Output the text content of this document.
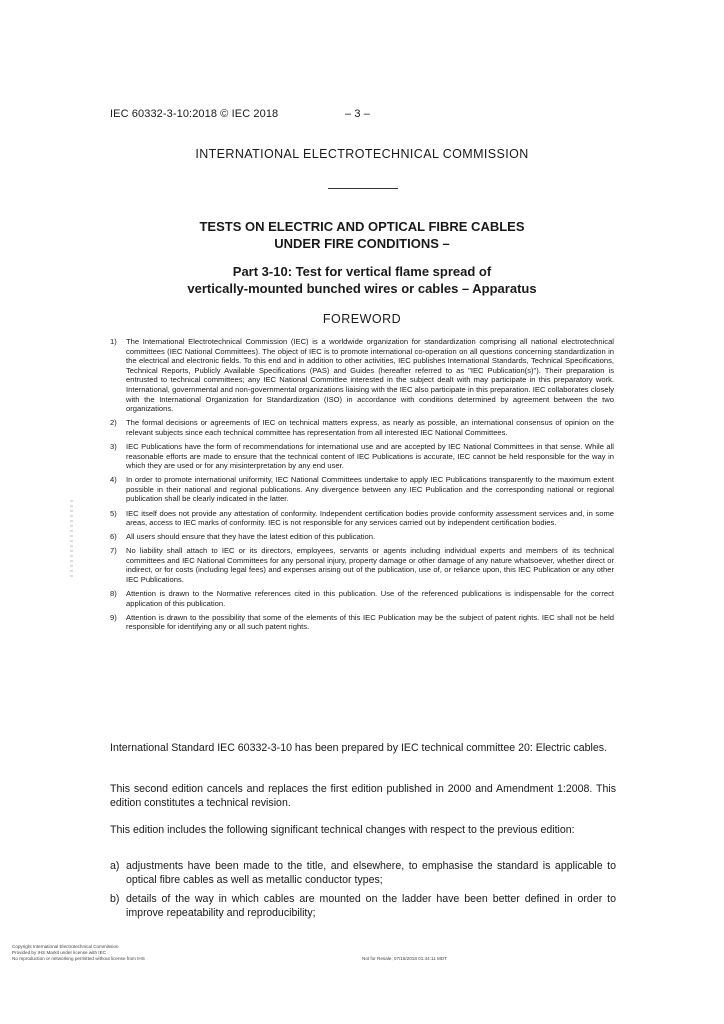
IEC 60332-3-10:2018 © IEC 2018	– 3 –
INTERNATIONAL ELECTROTECHNICAL COMMISSION
TESTS ON ELECTRIC AND OPTICAL FIBRE CABLES
UNDER FIRE CONDITIONS –
Part 3-10: Test for vertical flame spread of
vertically-mounted bunched wires or cables – Apparatus
FOREWORD
1) The International Electrotechnical Commission (IEC) is a worldwide organization for standardization comprising all national electrotechnical committees (IEC National Committees). The object of IEC is to promote international co-operation on all questions concerning standardization in the electrical and electronic fields. To this end and in addition to other activities, IEC publishes International Standards, Technical Specifications, Technical Reports, Publicly Available Specifications (PAS) and Guides (hereafter referred to as "IEC Publication(s)"). Their preparation is entrusted to technical committees; any IEC National Committee interested in the subject dealt with may participate in this preparatory work. International, governmental and non-governmental organizations liaising with the IEC also participate in this preparation. IEC collaborates closely with the International Organization for Standardization (ISO) in accordance with conditions determined by agreement between the two organizations.
2) The formal decisions or agreements of IEC on technical matters express, as nearly as possible, an international consensus of opinion on the relevant subjects since each technical committee has representation from all interested IEC National Committees.
3) IEC Publications have the form of recommendations for international use and are accepted by IEC National Committees in that sense. While all reasonable efforts are made to ensure that the technical content of IEC Publications is accurate, IEC cannot be held responsible for the way in which they are used or for any misinterpretation by any end user.
4) In order to promote international uniformity, IEC National Committees undertake to apply IEC Publications transparently to the maximum extent possible in their national and regional publications. Any divergence between any IEC Publication and the corresponding national or regional publication shall be clearly indicated in the latter.
5) IEC itself does not provide any attestation of conformity. Independent certification bodies provide conformity assessment services and, in some areas, access to IEC marks of conformity. IEC is not responsible for any services carried out by independent certification bodies.
6) All users should ensure that they have the latest edition of this publication.
7) No liability shall attach to IEC or its directors, employees, servants or agents including individual experts and members of its technical committees and IEC National Committees for any personal injury, property damage or other damage of any nature whatsoever, whether direct or indirect, or for costs (including legal fees) and expenses arising out of the publication, use of, or reliance upon, this IEC Publication or any other IEC Publications.
8) Attention is drawn to the Normative references cited in this publication. Use of the referenced publications is indispensable for the correct application of this publication.
9) Attention is drawn to the possibility that some of the elements of this IEC Publication may be the subject of patent rights. IEC shall not be held responsible for identifying any or all such patent rights.

International Standard IEC 60332-3-10 has been prepared by IEC technical committee 20: Electric cables.

This second edition cancels and replaces the first edition published in 2000 and Amendment 1:2008. This edition constitutes a technical revision.

This edition includes the following significant technical changes with respect to the previous edition:

a) adjustments have been made to the title, and elsewhere, to emphasise the standard is applicable to optical fibre cables as well as metallic conductor types;
b) details of the way in which cables are mounted on the ladder have been better defined in order to improve repeatability and reproducibility;
Copyright International Electrotechnical Commission
Provided by IHS Markit under license with IEC
No reproduction or networking permitted without license from IHS	Not for Resale, 07/18/2018 01:44:11 MDT
